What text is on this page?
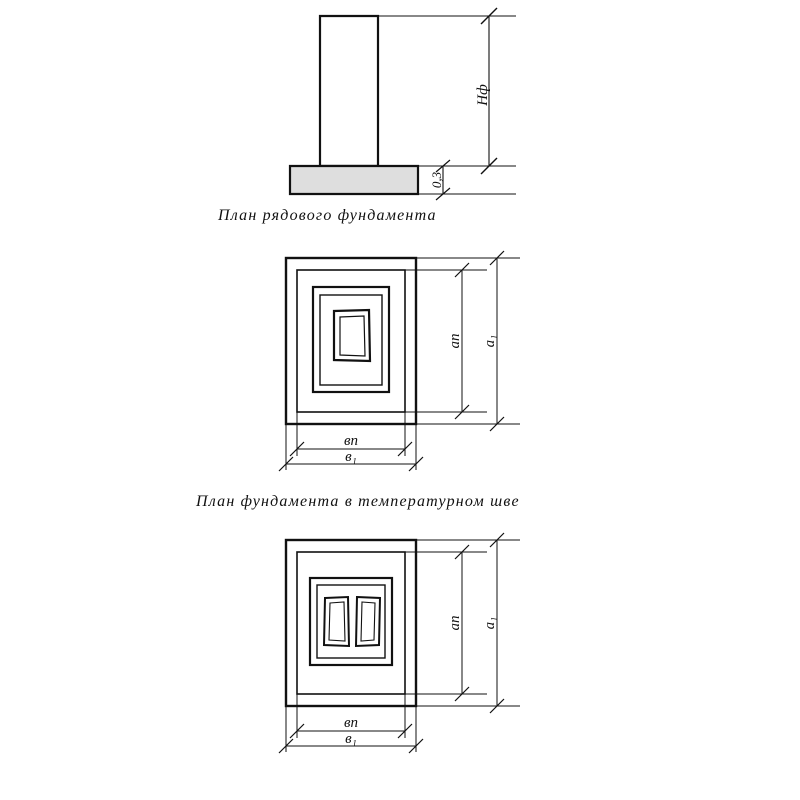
Нф
0,3
ап а₁
вп
в₁
ап а₁
вп
в₁
План рядового фундамента
План фундамента в температурном шве
